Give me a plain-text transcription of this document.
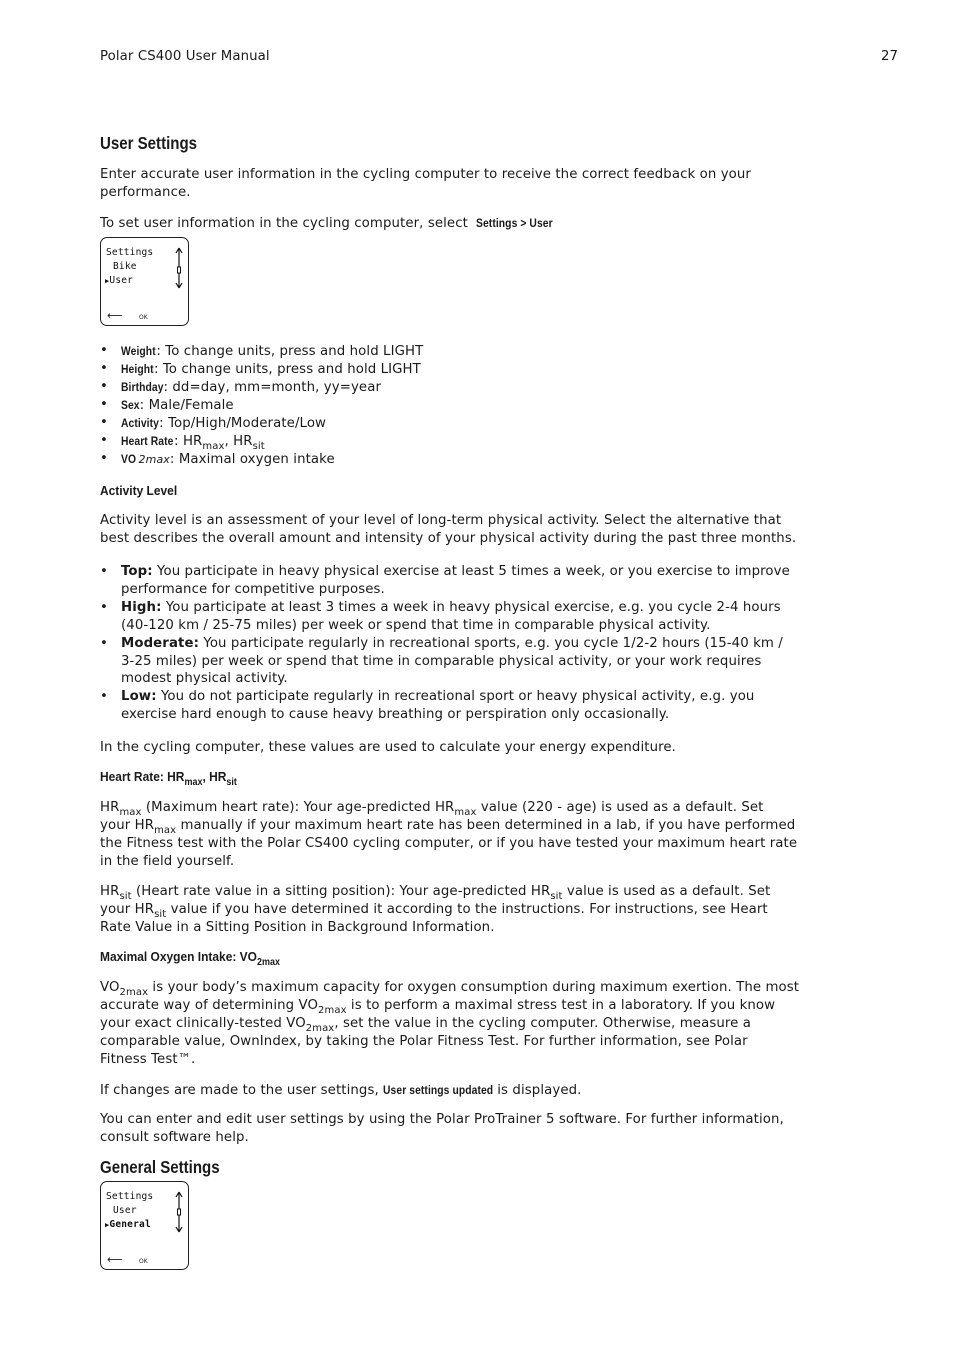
Polar CS400 User Manual	27
User Settings
Enter accurate user information in the cycling computer to receive the correct feedback on your
performance.
To set user information in the cycling computer, select Settings > User
Settings
Bike
▶User
⟵	OK
• Weight: To change units, press and hold LIGHT
• Height: To change units, press and hold LIGHT
• Birthday: dd=day, mm=month, yy=year
• Sex: Male/Female
• Activity: Top/High/Moderate/Low
• Heart Rate: $HR_{max}$, $HR_{sit}$
• VO 2max: Maximal oxygen intake
Activity Level
Activity level is an assessment of your level of long-term physical activity. Select the alternative that
best describes the overall amount and intensity of your physical activity during the past three months.
• Top: You participate in heavy physical exercise at least 5 times a week, or you exercise to improve
performance for competitive purposes.
• High: You participate at least 3 times a week in heavy physical exercise, e.g. you cycle 2-4 hours
(40-120 km / 25-75 miles) per week or spend that time in comparable physical activity.
• Moderate: You participate regularly in recreational sports, e.g. you cycle 1/2-2 hours (15-40 km /
3-25 miles) per week or spend that time in comparable physical activity, or your work requires
modest physical activity.
• Low: You do not participate regularly in recreational sport or heavy physical activity, e.g. you
exercise hard enough to cause heavy breathing or perspiration only occasionally.
In the cycling computer, these values are used to calculate your energy expenditure.
Heart Rate: $HR_{max}$, $HR_{sit}$
$HR_{max}$ (Maximum heart rate): Your age-predicted $HR_{max}$ value (220 - age) is used as a default. Set
your $HR_{max}$ manually if your maximum heart rate has been determined in a lab, if you have performed
the Fitness test with the Polar CS400 cycling computer, or if you have tested your maximum heart rate
in the field yourself.
$HR_{sit}$ (Heart rate value in a sitting position): Your age-predicted $HR_{sit}$ value is used as a default. Set
your $HR_{sit}$ value if you have determined it according to the instructions. For instructions, see Heart
Rate Value in a Sitting Position in Background Information.
Maximal Oxygen Intake: $VO_{2max}$
$VO_{2max}$ is your body’s maximum capacity for oxygen consumption during maximum exertion. The most
accurate way of determining $VO_{2max}$ is to perform a maximal stress test in a laboratory. If you know
your exact clinically-tested $VO_{2max}$, set the value in the cycling computer. Otherwise, measure a
comparable value, OwnIndex, by taking the Polar Fitness Test. For further information, see Polar
Fitness Test™.
If changes are made to the user settings, User settings updated is displayed.
You can enter and edit user settings by using the Polar ProTrainer 5 software. For further information,
consult software help.
General Settings
Settings
User
▶General
⟵	OK
